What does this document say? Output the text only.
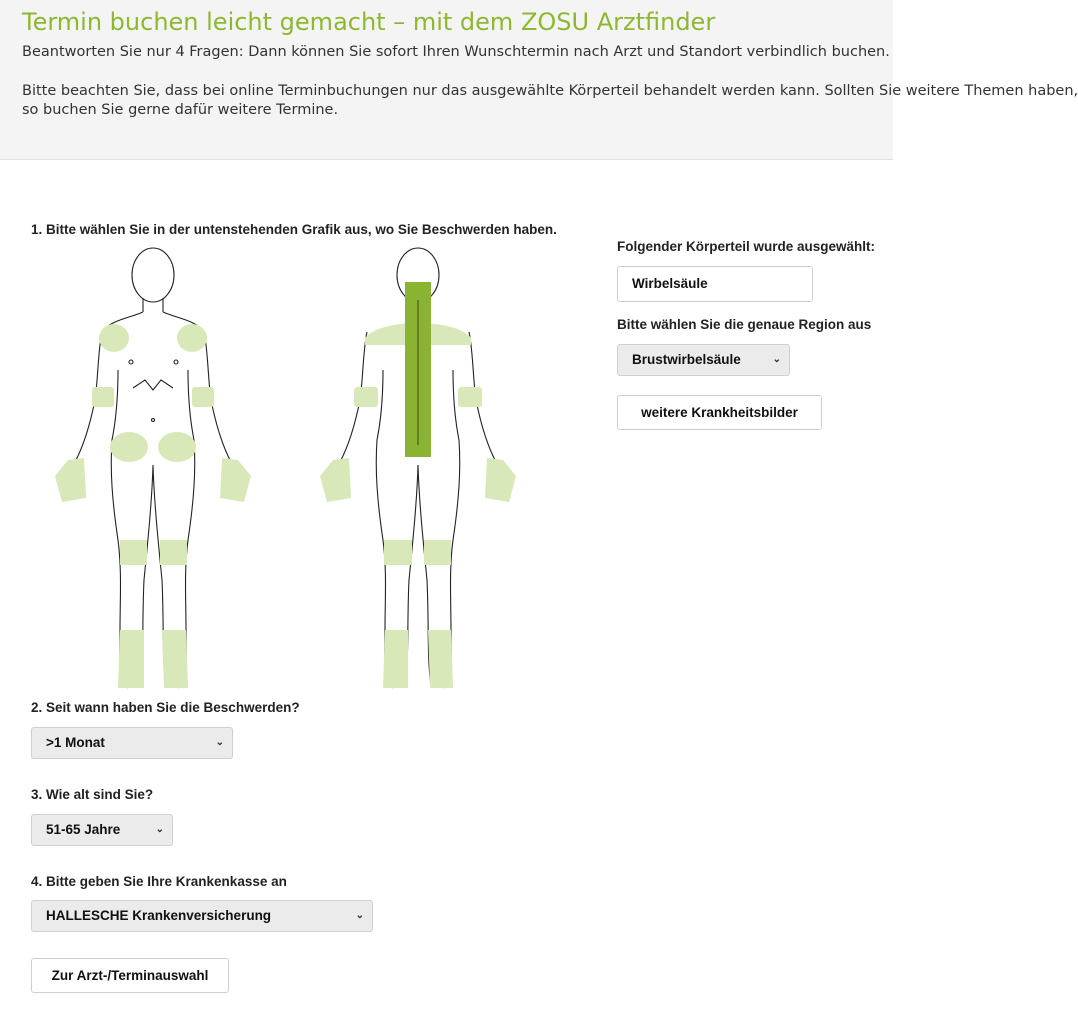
Termin buchen leicht gemacht – mit dem ZOSU Arztfinder
Beantworten Sie nur 4 Fragen: Dann können Sie sofort Ihren Wunschtermin nach Arzt und Standort verbindlich buchen.
Bitte beachten Sie, dass bei online Terminbuchungen nur das ausgewählte Körperteil behandelt werden kann. Sollten Sie weitere Themen haben,
so buchen Sie gerne dafür weitere Termine.
1. Bitte wählen Sie in der untenstehenden Grafik aus, wo Sie Beschwerden haben.
Folgender Körperteil wurde ausgewählt:
Wirbelsäule
Bitte wählen Sie die genaue Region aus
Brustwirbelsäule	⌄
weitere Krankheitsbilder
2. Seit wann haben Sie die Beschwerden?
>1 Monat	⌄
3. Wie alt sind Sie?
51-65 Jahre	⌄
4. Bitte geben Sie Ihre Krankenkasse an
HALLESCHE Krankenversicherung	⌄
Zur Arzt-/Terminauswahl
